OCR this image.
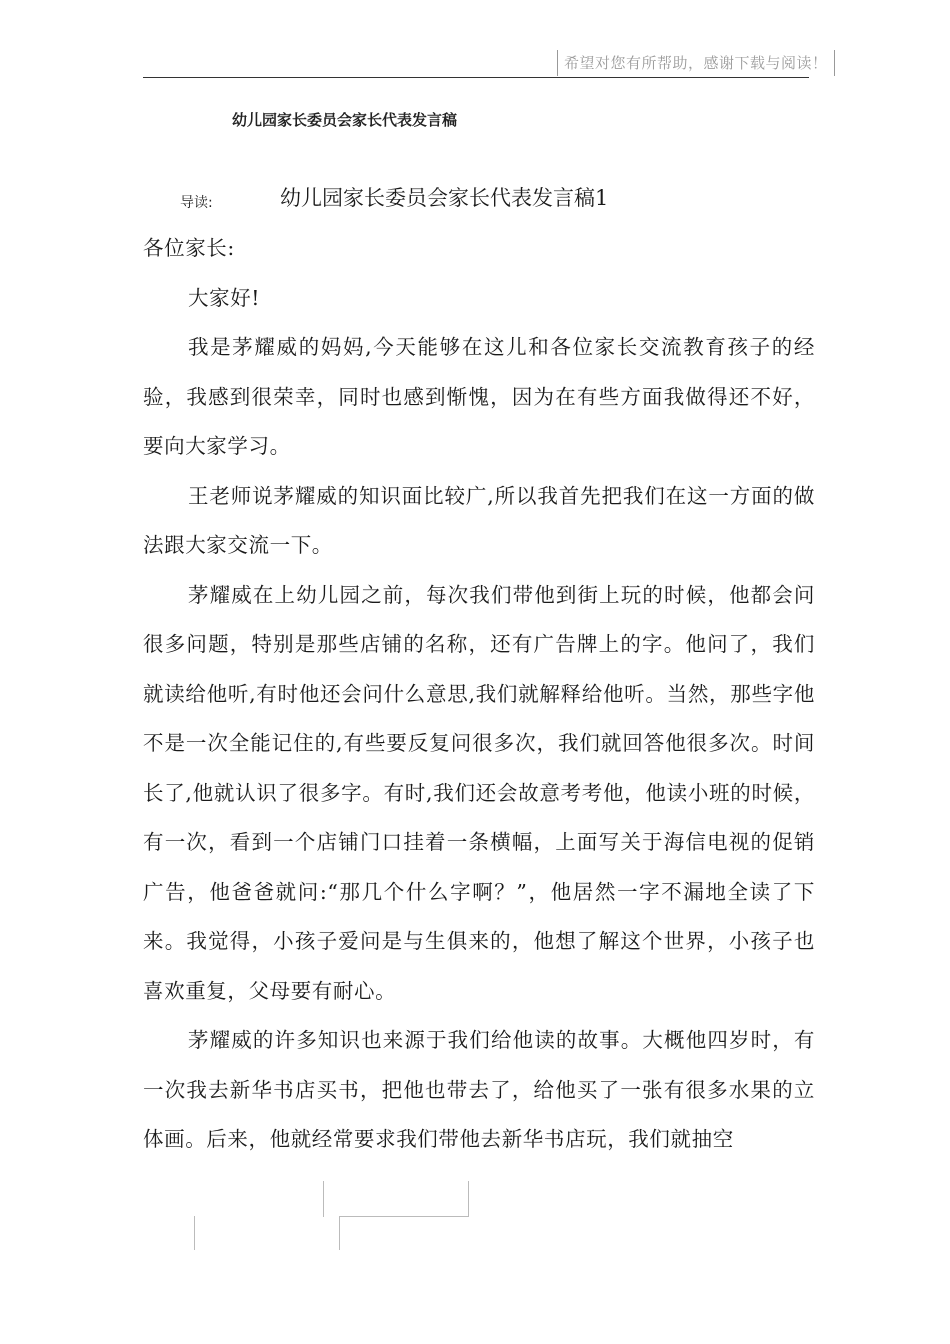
希望对您有所帮助，感谢下载与阅读！
幼儿园家长委员会家长代表发言稿
导读:	幼儿园家长委员会家长代表发言稿1

各位家长:

大家好!

我是茅耀威的妈妈,今天能够在这儿和各位家长交流教育孩子的经验，我感到很荣幸，同时也感到惭愧，因为在有些方面我做得还不好，要向大家学习。

王老师说茅耀威的知识面比较广,所以我首先把我们在这一方面的做法跟大家交流一下。

茅耀威在上幼儿园之前，每次我们带他到街上玩的时候，他都会问很多问题，特别是那些店铺的名称，还有广告牌上的字。他问了，我们就读给他听,有时他还会问什么意思,我们就解释给他听。当然，那些字他不是一次全能记住的,有些要反复问很多次，我们就回答他很多次。时间长了,他就认识了很多字。有时,我们还会故意考考他，他读小班的时候，有一次，看到一个店铺门口挂着一条横幅，上面写关于海信电视的促销广告，他爸爸就问:“那几个什么字啊？”，他居然一字不漏地全读了下来。我觉得，小孩子爱问是与生俱来的，他想了解这个世界，小孩子也喜欢重复，父母要有耐心。

茅耀威的许多知识也来源于我们给他读的故事。大概他四岁时，有一次我去新华书店买书，把他也带去了，给他买了一张有很多水果的立体画。后来，他就经常要求我们带他去新华书店玩，我们就抽空
